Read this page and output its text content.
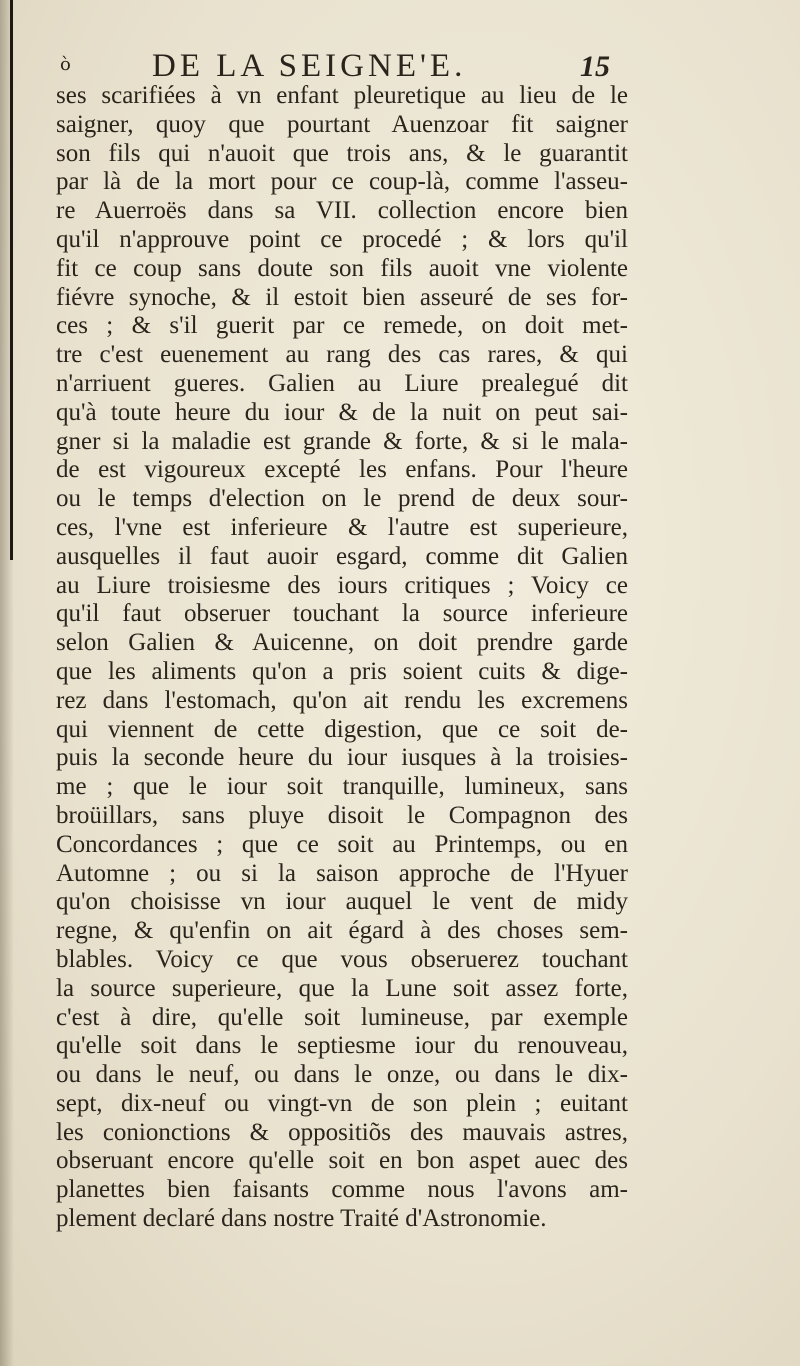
ò DE LA SEIGNE'E.	15
ses scarifiées à vn enfant pleuretique au lieu de le
saigner, quoy que pourtant Auenzoar fit saigner
son fils qui n'auoit que trois ans, & le guarantit
par là de la mort pour ce coup-là, comme l'asseu-
re Auerroës dans sa VII. collection encore bien
qu'il n'approuve point ce procedé ; & lors qu'il
fit ce coup sans doute son fils auoit vne violente
fiévre synoche, & il estoit bien asseuré de ses for-
ces ; & s'il guerit par ce remede, on doit met-
tre c'est euenement au rang des cas rares, & qui
n'arriuent gueres. Galien au Liure prealegué dit
qu'à toute heure du iour & de la nuit on peut sai-
gner si la maladie est grande & forte, & si le mala-
de est vigoureux excepté les enfans. Pour l'heure
ou le temps d'election on le prend de deux sour-
ces, l'vne est inferieure & l'autre est superieure,
ausquelles il faut auoir esgard, comme dit Galien
au Liure troisiesme des iours critiques ; Voicy ce
qu'il faut obseruer touchant la source inferieure
selon Galien & Auicenne, on doit prendre garde
que les aliments qu'on a pris soient cuits & dige-
rez dans l'estomach, qu'on ait rendu les excremens
qui viennent de cette digestion, que ce soit de-
puis la seconde heure du iour iusques à la troisies-
me ; que le iour soit tranquille, lumineux, sans
broüillars, sans pluye disoit le Compagnon des
Concordances ; que ce soit au Printemps, ou en
Automne ; ou si la saison approche de l'Hyuer
qu'on choisisse vn iour auquel le vent de midy
regne, & qu'enfin on ait égard à des choses sem-
blables. Voicy ce que vous obseruerez touchant
la source superieure, que la Lune soit assez forte,
c'est à dire, qu'elle soit lumineuse, par exemple
qu'elle soit dans le septiesme iour du renouveau,
ou dans le neuf, ou dans le onze, ou dans le dix-
sept, dix-neuf ou vingt-vn de son plein ; euitant
les conionctions & oppositiõs des mauvais astres,
obseruant encore qu'elle soit en bon aspet auec des
planettes bien faisants comme nous l'avons am-
plement declaré dans nostre Traité d'Astronomie.
